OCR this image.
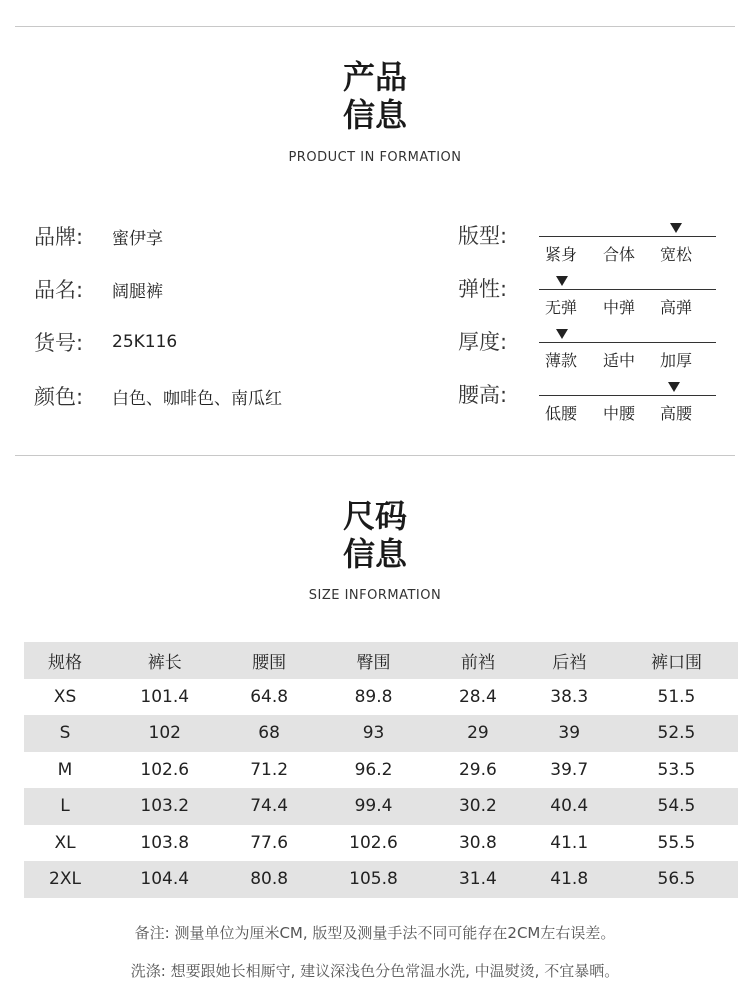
产品
信息
PRODUCT IN FORMATION
品牌:	蜜伊享
品名:	阔腿裤
货号:	25K116
颜色:	白色、咖啡色、南瓜红
版型:
紧身 合体 宽松
弹性:
无弹 中弹 高弹
厚度:
薄款 适中 加厚
腰高:
低腰 中腰 高腰
尺码
信息
SIZE INFORMATION
规格	裤长	腰围	臀围	前裆	后裆	裤口围
XS	101.4	64.8	89.8	28.4	38.3	51.5
S	102	68	93	29	39	52.5
M	102.6	71.2	96.2	29.6	39.7	53.5
L	103.2	74.4	99.4	30.2	40.4	54.5
XL	103.8	77.6	102.6	30.8	41.1	55.5
2XL	104.4	80.8	105.8	31.4	41.8	56.5
备注: 测量单位为厘米CM, 版型及测量手法不同可能存在2CM左右误差。
洗涤: 想要跟她长相厮守, 建议深浅色分色常温水洗, 中温熨烫, 不宜暴晒。
